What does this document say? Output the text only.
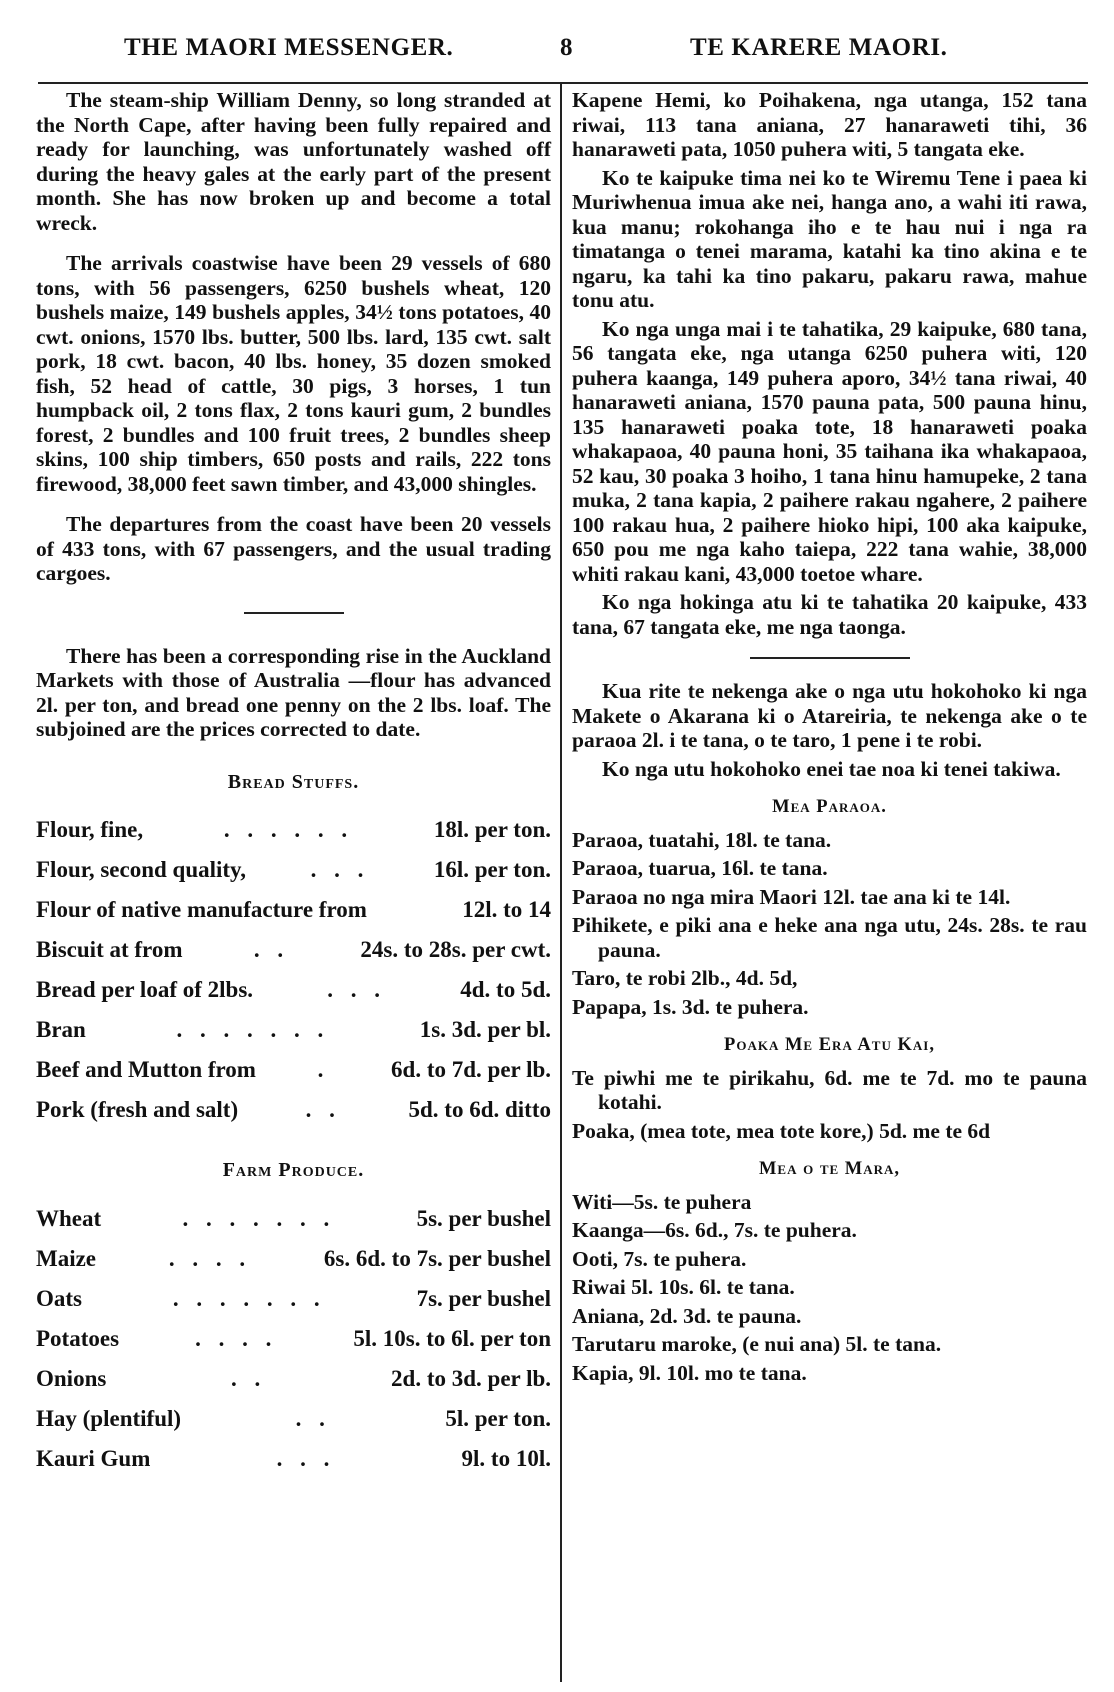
THE MAORI MESSENGER.	8	TE KARERE MAORI.

The steam-ship William Denny, so long stranded at the North Cape, after having been fully repaired and ready for launching, was unfortunately washed off during the heavy gales at the early part of the present month. She has now broken up and become a total wreck.

The arrivals coastwise have been 29 vessels of 680 tons, with 56 passengers, 6250 bushels wheat, 120 bushels maize, 149 bushels apples, 34½ tons potatoes, 40 cwt. onions, 1570 lbs. butter, 500 lbs. lard, 135 cwt. salt pork, 18 cwt. bacon, 40 lbs. honey, 35 dozen smoked fish, 52 head of cattle, 30 pigs, 3 horses, 1 tun humpback oil, 2 tons flax, 2 tons kauri gum, 2 bundles forest, 2 bundles and 100 fruit trees, 2 bundles sheep skins, 100 ship timbers, 650 posts and rails, 222 tons firewood, 38,000 feet sawn timber, and 43,000 shingles.

The departures from the coast have been 20 vessels of 433 tons, with 67 passengers, and the usual trading cargoes.

There has been a corresponding rise in the Auckland Markets with those of Australia —flour has advanced 2l. per ton, and bread one penny on the 2 lbs. loaf. The subjoined are the prices corrected to date.

Bread Stuffs.
Flour, fine,	. . . . . .	18l. per ton.
Flour, second quality,	. . .	16l. per ton.
Flour of native manufacture from	12l. to 14
Biscuit at from	. .	24s. to 28s. per cwt.
Bread per loaf of 2lbs.	. . .	4d. to 5d.
Bran	. . . . . . .	1s. 3d. per bl.
Beef and Mutton from	.	6d. to 7d. per lb.
Pork (fresh and salt)	. .	5d. to 6d. ditto
Farm Produce.
Wheat	. . . . . . .	5s. per bushel
Maize	. . . .	6s. 6d. to 7s. per bushel
Oats	. . . . . . .	7s. per bushel
Potatoes	. . . .	5l. 10s. to 6l. per ton
Onions	. .	2d. to 3d. per lb.
Hay (plentiful)	. .	5l. per ton.
Kauri Gum	. . .	9l. to 10l.

Kapene Hemi, ko Poihakena, nga utanga, 152 tana riwai, 113 tana aniana, 27 hanaraweti tihi, 36 hanaraweti pata, 1050 puhera witi, 5 tangata eke.

Ko te kaipuke tima nei ko te Wiremu Tene i paea ki Muriwhenua imua ake nei, hanga ano, a wahi iti rawa, kua manu; rokohanga iho e te hau nui i nga ra timatanga o tenei marama, katahi ka tino akina e te ngaru, ka tahi ka tino pakaru, pakaru rawa, mahue tonu atu.

Ko nga unga mai i te tahatika, 29 kaipuke, 680 tana, 56 tangata eke, nga utanga 6250 puhera witi, 120 puhera kaanga, 149 puhera aporo, 34½ tana riwai, 40 hanaraweti aniana, 1570 pauna pata, 500 pauna hinu, 135 hanaraweti poaka tote, 18 hanaraweti poaka whakapaoa, 40 pauna honi, 35 taihana ika whakapaoa, 52 kau, 30 poaka 3 hoiho, 1 tana hinu hamupeke, 2 tana muka, 2 tana kapia, 2 paihere rakau ngahere, 2 paihere 100 rakau hua, 2 paihere hioko hipi, 100 aka kaipuke, 650 pou me nga kaho taiepa, 222 tana wahie, 38,000 whiti rakau kani, 43,000 toetoe whare.

Ko nga hokinga atu ki te tahatika 20 kaipuke, 433 tana, 67 tangata eke, me nga taonga.

Kua rite te nekenga ake o nga utu hokohoko ki nga Makete o Akarana ki o Atareiria, te nekenga ake o te paraoa 2l. i te tana, o te taro, 1 pene i te robi.

Ko nga utu hokohoko enei tae noa ki tenei takiwa.

Mea Paraoa.

Paraoa, tuatahi, 18l. te tana.

Paraoa, tuarua, 16l. te tana.

Paraoa no nga mira Maori 12l. tae ana ki te 14l.

Pihikete, e piki ana e heke ana nga utu, 24s. 28s. te rau pauna.

Taro, te robi 2lb., 4d. 5d,

Papapa, 1s. 3d. te puhera.

Poaka Me Era Atu Kai,

Te piwhi me te pirikahu, 6d. me te 7d. mo te pauna kotahi.

Poaka, (mea tote, mea tote kore,) 5d. me te 6d

Mea o te Mara,

Witi—5s. te puhera

Kaanga—6s. 6d., 7s. te puhera.

Ooti, 7s. te puhera.

Riwai 5l. 10s. 6l. te tana.

Aniana, 2d. 3d. te pauna.

Tarutaru maroke, (e nui ana) 5l. te tana.

Kapia, 9l. 10l. mo te tana.
